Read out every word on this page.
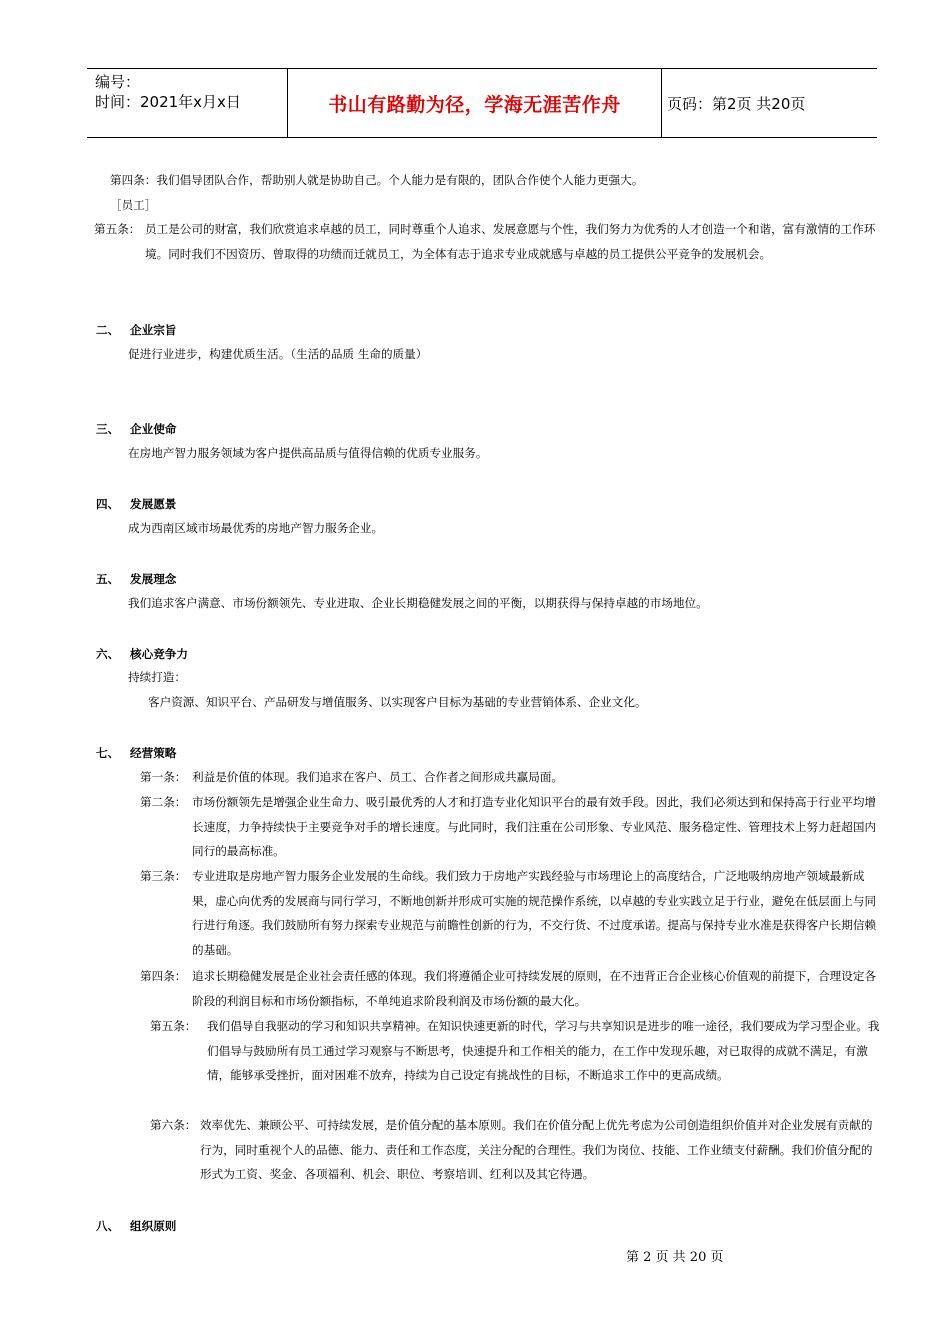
编号：
时间：2021年x月x日	书山有路勤为径，学海无涯苦作舟	页码：第2页 共20页
第四条：我们倡导团队合作，帮助别人就是协助自己。个人能力是有限的，团队合作使个人能力更强大。
［员工］
第五条： 员工是公司的财富，我们欣赏追求卓越的员工，同时尊重个人追求、发展意愿与个性，我们努力为优秀的人才创造一个和谐，富有激情的工作环境。同时我们不因资历、曾取得的功绩而迁就员工，为全体有志于追求专业成就感与卓越的员工提供公平竞争的发展机会。
二、 企业宗旨
促进行业进步，构建优质生活。（生活的品质 生命的质量）
三、 企业使命
在房地产智力服务领域为客户提供高品质与值得信赖的优质专业服务。
四、 发展愿景
成为西南区域市场最优秀的房地产智力服务企业。
五、 发展理念
我们追求客户满意、市场份额领先、专业进取、企业长期稳健发展之间的平衡，以期获得与保持卓越的市场地位。
六、 核心竞争力
持续打造：
客户资源、知识平台、产品研发与增值服务、以实现客户目标为基础的专业营销体系、企业文化。
七、 经营策略
第一条： 利益是价值的体现。我们追求在客户、员工、合作者之间形成共赢局面。
第二条： 市场份额领先是增强企业生命力、吸引最优秀的人才和打造专业化知识平台的最有效手段。因此，我们必须达到和保持高于行业平均增长速度，力争持续快于主要竞争对手的增长速度。与此同时，我们注重在公司形象、专业风范、服务稳定性、管理技术上努力赶超国内同行的最高标准。
第三条： 专业进取是房地产智力服务企业发展的生命线。我们致力于房地产实践经验与市场理论上的高度结合，广泛地吸纳房地产领域最新成果，虚心向优秀的发展商与同行学习，不断地创新并形成可实施的规范操作系统，以卓越的专业实践立足于行业，避免在低层面上与同行进行角逐。我们鼓励所有努力探索专业规范与前瞻性创新的行为，不交行货、不过度承诺。提高与保持专业水准是获得客户长期信赖的基础。
第四条： 追求长期稳健发展是企业社会责任感的体现。我们将遵循企业可持续发展的原则，在不违背正合企业核心价值观的前提下，合理设定各阶段的利润目标和市场份额指标，不单纯追求阶段利润及市场份额的最大化。
第五条： 我们倡导自我驱动的学习和知识共享精神。在知识快速更新的时代，学习与共享知识是进步的唯一途径，我们要成为学习型企业。我们倡导与鼓励所有员工通过学习观察与不断思考，快速提升和工作相关的能力，在工作中发现乐趣，对已取得的成就不满足，有激情，能够承受挫折，面对困难不放弃，持续为自己设定有挑战性的目标，不断追求工作中的更高成绩。
第六条： 效率优先、兼顾公平、可持续发展，是价值分配的基本原则。我们在价值分配上优先考虑为公司创造组织价值并对企业发展有贡献的行为，同时重视个人的品德、能力、责任和工作态度，关注分配的合理性。我们为岗位、技能、工作业绩支付薪酬。我们价值分配的形式为工资、奖金、各项福利、机会、职位、考察培训、红利以及其它待遇。
八、 组织原则
第 2 页 共 20 页
